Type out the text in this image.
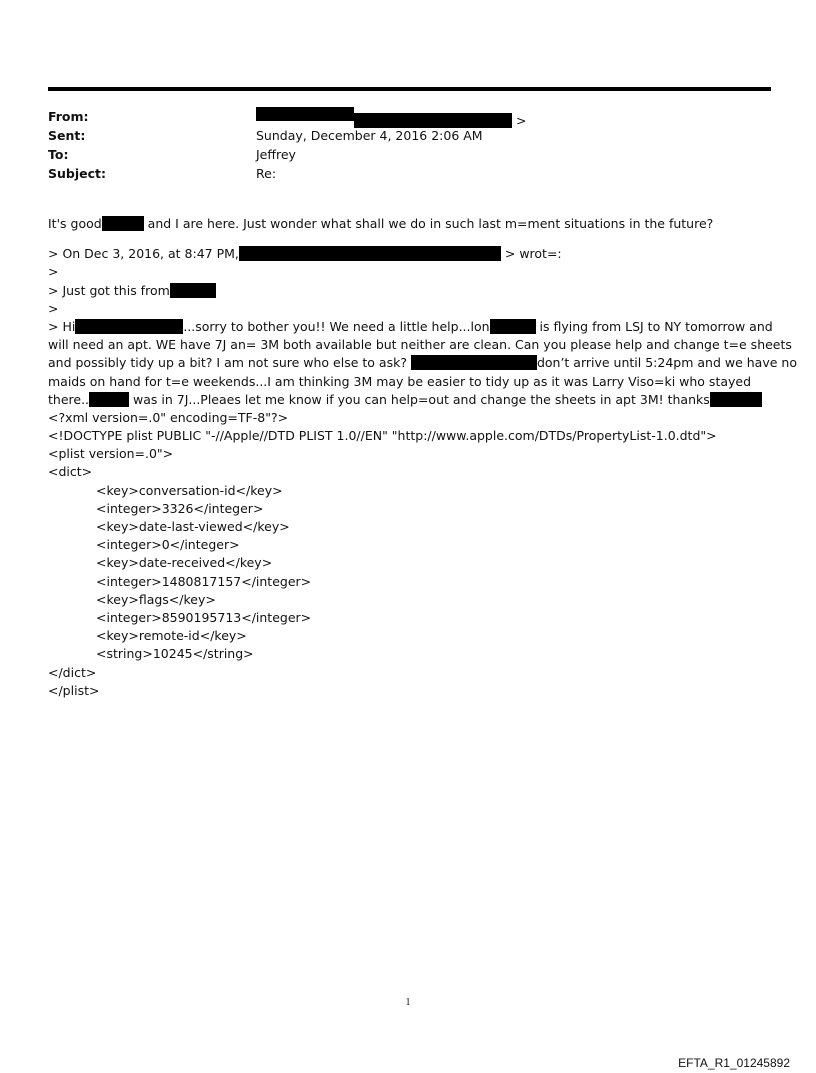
From:	>
Sent:	Sunday, December 4, 2016 2:06 AM
To:	Jeffrey
Subject:	Re:
It's good	and I are here. Just wonder what shall we do in such last m=ment situations in the future?
> On Dec 3, 2016, at 8:47 PM,	> wrot=:
>
> Just got this from
>
> Hi	...sorry to bother you!! We need a little help...lon	is flying from LSJ to NY tomorrow and
will need an apt. WE have 7J an= 3M both available but neither are clean. Can you please help and change t=e sheets
and possibly tidy up a bit? I am not sure who else to ask?	don’t arrive until 5:24pm and we have no
maids on hand for t=e weekends...I am thinking 3M may be easier to tidy up as it was Larry Viso=ki who stayed
there..	was in 7J...Pleaes let me know if you can help=out and change the sheets in apt 3M! thanks
<?xml version=.0" encoding=TF-8"?>
<!DOCTYPE plist PUBLIC "-//Apple//DTD PLIST 1.0//EN" "http://www.apple.com/DTDs/PropertyList-1.0.dtd">
<plist version=.0">
<dict>
<key>conversation-id</key>
<integer>3326</integer>
<key>date-last-viewed</key>
<integer>0</integer>
<key>date-received</key>
<integer>1480817157</integer>
<key>flags</key>
<integer>8590195713</integer>
<key>remote-id</key>
<string>10245</string>
</dict>
</plist>
1
EFTA_R1_01245892
